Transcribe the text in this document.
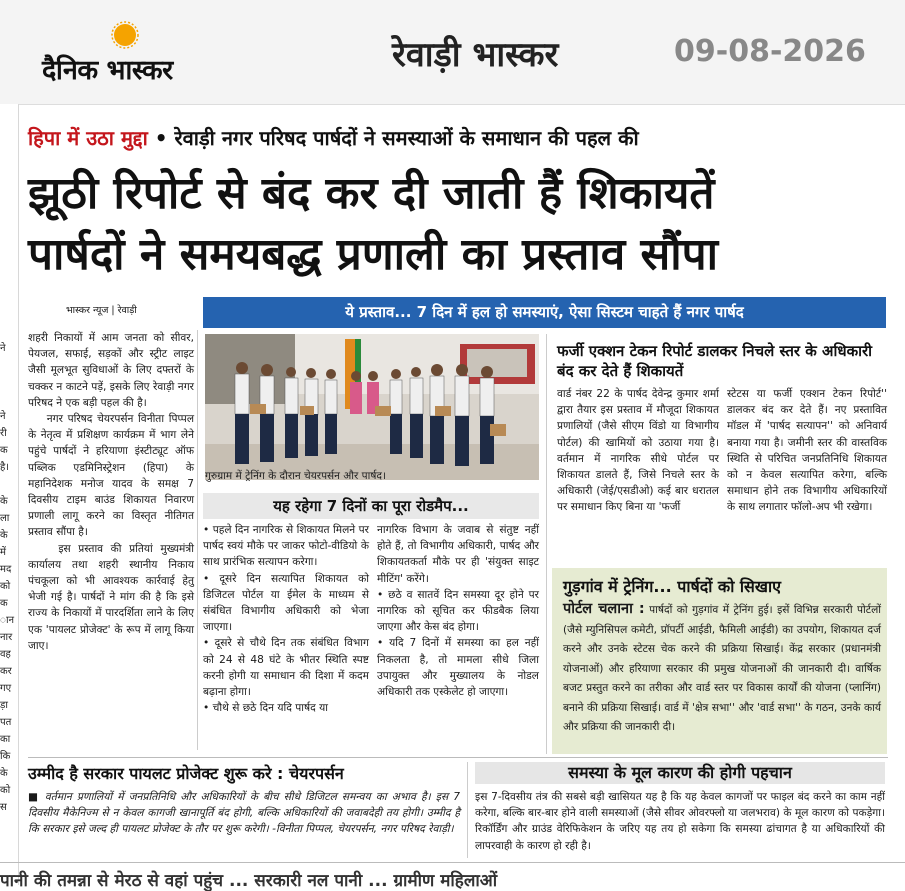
दैनिक भास्कर	रेवाड़ी भास्कर	09-08-2026
ने

ने
री
क
है।

के
ला
के
में
मद
को
क
ान
नार
वह
कर
गए
ड़ा
पत
का
कि
के
को
स
हिपा में उठा मुद्दा • रेवाड़ी नगर परिषद पार्षदों ने समस्याओं के समाधान की पहल की
झूठी रिपोर्ट से बंद कर दी जाती हैं शिकायतें
पार्षदों ने समयबद्ध प्रणाली का प्रस्ताव सौंपा
भास्कर न्यूज | रेवाड़ी	ये प्रस्ताव... 7 दिन में हल हो समस्याएं, ऐसा सिस्टम चाहते हैं नगर पार्षद
शहरी निकायों में आम जनता को सीवर, पेयजल, सफाई, सड़कों और स्ट्रीट लाइट जैसी मूलभूत सुविधाओं के लिए दफ्तरों के चक्कर न काटने पड़ें, इसके लिए रेवाड़ी नगर परिषद ने एक बड़ी पहल की है।
नगर परिषद चेयरपर्सन विनीता पिप्पल के नेतृत्व में प्रशिक्षण कार्यक्रम में भाग लेने पहुंचे पार्षदों ने हरियाणा इंस्टीट्यूट ऑफ पब्लिक एडमिनिस्ट्रेशन (हिपा) के महानिदेशक मनोज यादव के समक्ष 7 दिवसीय टाइम बाउंड शिकायत निवारण प्रणाली लागू करने का विस्तृत नीतिगत प्रस्ताव सौंपा है।
इस प्रस्ताव की प्रतियां मुख्यमंत्री कार्यालय तथा शहरी स्थानीय निकाय पंचकूला को भी आवश्यक कार्रवाई हेतु भेजी गई है। पार्षदों ने मांग की है कि इसे राज्य के निकायों में पारदर्शिता लाने के लिए एक 'पायलट प्रोजेक्ट' के रूप में लागू किया जाए।
गुरुग्राम में ट्रेनिंग के दौरान चेयरपर्सन और पार्षद।
यह रहेगा 7 दिनों का पूरा रोडमैप...
• पहले दिन नागरिक से शिकायत मिलने पर पार्षद स्वयं मौके पर जाकर फोटो-वीडियो के साथ प्रारंभिक सत्यापन करेगा।
• दूसरे दिन सत्यापित शिकायत को डिजिटल पोर्टल या ईमेल के माध्यम से संबंधित विभागीय अधिकारी को भेजा जाएगा।
• दूसरे से चौथे दिन तक संबंधित विभाग को 24 से 48 घंटे के भीतर स्थिति स्पष्ट करनी होगी या समाधान की दिशा में कदम बढ़ाना होगा।
• चौथे से छठे दिन यदि पार्षद या
नागरिक विभाग के जवाब से संतुष्ट नहीं होते हैं, तो विभागीय अधिकारी, पार्षद और शिकायतकर्ता मौके पर ही 'संयुक्त साइट मीटिंग' करेंगे।
• छठे व सातवें दिन समस्या दूर होने पर नागरिक को सूचित कर फीडबैक लिया जाएगा और केस बंद होगा।
• यदि 7 दिनों में समस्या का हल नहीं निकलता है, तो मामला सीधे जिला उपायुक्त और मुख्यालय के नोडल अधिकारी तक एस्केलेट हो जाएगा।
फर्जी एक्शन टेकन रिपोर्ट डालकर निचले स्तर के अधिकारी बंद कर देते हैं शिकायतें
वार्ड नंबर 22 के पार्षद देवेन्द्र कुमार शर्मा द्वारा तैयार इस प्रस्ताव में मौजूदा शिकायत प्रणालियों (जैसे सीएम विंडो या विभागीय पोर्टल) की खामियों को उठाया गया है। वर्तमान में नागरिक सीधे पोर्टल पर शिकायत डालते हैं, जिसे निचले स्तर के अधिकारी (जेई/एसडीओ) कई बार धरातल पर समाधान किए बिना या 'फर्जी
स्टेटस या फर्जी एक्शन टेकन रिपोर्ट'' डालकर बंद कर देते हैं। नए प्रस्तावित मॉडल में 'पार्षद सत्यापन'' को अनिवार्य बनाया गया है। जमीनी स्तर की वास्तविक स्थिति से परिचित जनप्रतिनिधि शिकायत को न केवल सत्यापित करेगा, बल्कि समाधान होने तक विभागीय अधिकारियों के साथ लगातार फॉलो-अप भी रखेगा।
गुड़गांव में ट्रेनिंग... पार्षदों को सिखाए
पोर्टल चलाना : पार्षदों को गुड़गांव में ट्रेनिंग हुई। इसें विभिन्न सरकारी पोर्टलों (जैसे म्युनिसिपल कमेटी, प्रॉपर्टी आईडी, फैमिली आईडी) का उपयोग, शिकायत दर्ज करने और उनके स्टेटस चेक करने की प्रक्रिया सिखाई। केंद्र सरकार (प्रधानमंत्री योजनाओं) और हरियाणा सरकार की प्रमुख योजनाओं की जानकारी दी। वार्षिक बजट प्रस्तुत करने का तरीका और वार्ड स्तर पर विकास कार्यों की योजना (प्लानिंग) बनाने की प्रक्रिया सिखाई। वार्ड में 'क्षेत्र सभा'' और 'वार्ड सभा'' के गठन, उनके कार्य और प्रक्रिया की जानकारी दी।
उम्मीद है सरकार पायलट प्रोजेक्ट शुरू करे : चेयरपर्सन
■ वर्तमान प्रणालियों में जनप्रतिनिधि और अधिकारियों के बीच सीधे डिजिटल समन्वय का अभाव है। इस 7 दिवसीय मैकेनिज्म से न केवल कागजी खानापूर्ति बंद होगी, बल्कि अधिकारियों की जवाबदेही तय होगी। उम्मीद है कि सरकार इसे जल्द ही पायलट प्रोजेक्ट के तौर पर शुरू करेगी। -विनीता पिप्पल, चेयरपर्सन, नगर परिषद रेवाड़ी।
समस्या के मूल कारण की होगी पहचान
इस 7-दिवसीय तंत्र की सबसे बड़ी खासियत यह है कि यह केवल कागजों पर फाइल बंद करने का काम नहीं करेगा, बल्कि बार-बार होने वाली समस्याओं (जैसे सीवर ओवरफ्लो या जलभराव) के मूल कारण को पकड़ेगा। रिकॉर्डिंग और ग्राउंड वेरिफिकेशन के जरिए यह तय हो सकेगा कि समस्या ढांचागत है या अधिकारियों की लापरवाही के कारण हो रही है।
पानी की तमन्ना से मेरठ से वहां पहुंच ... सरकारी नल पानी ... ग्रामीण महिलाओं
